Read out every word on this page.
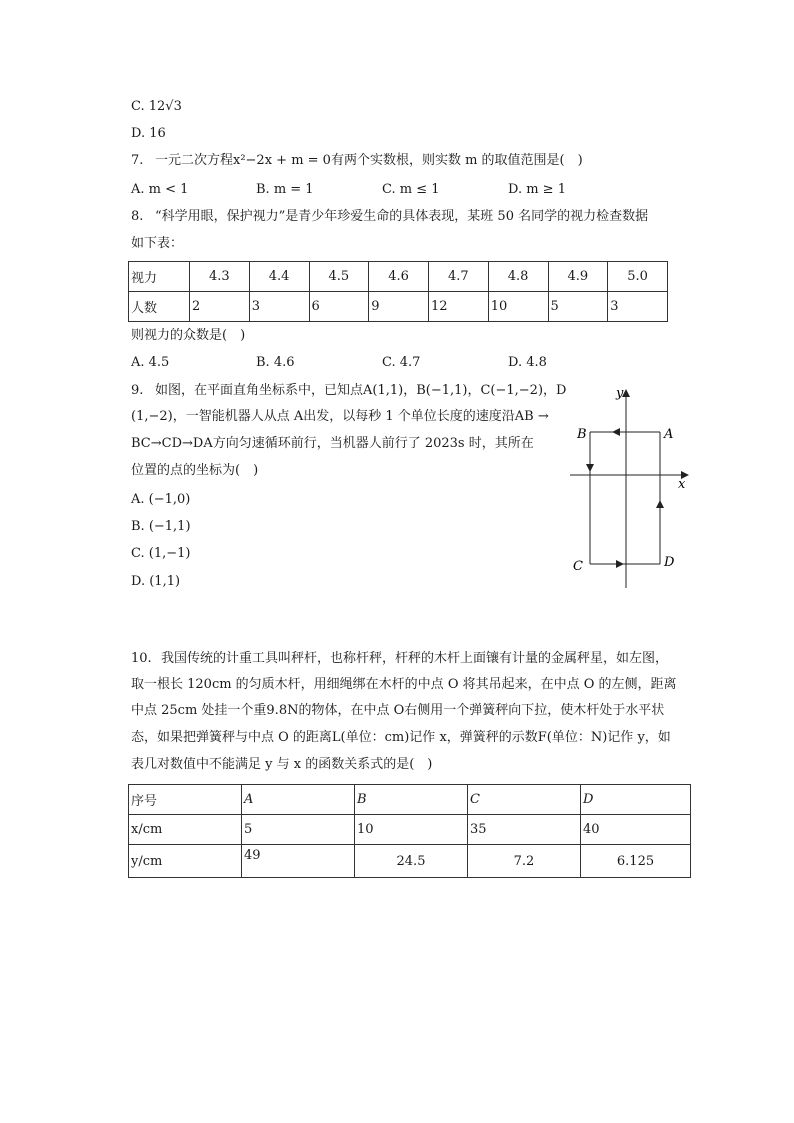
C. 12√3
D. 16
7. 一元二次方程x²−2x + m = 0有两个实数根，则实数 m 的取值范围是(　)
A. m < 1	B. m = 1	C. m ≤ 1	D. m ≥ 1
8. “科学用眼，保护视力”是青少年珍爱生命的具体表现，某班 50 名同学的视力检查数据
如下表：
视力	4.3	4.4	4.5	4.6	4.7	4.8	4.9	5.0
人数	2	3	6	9	12	10	5	3
则视力的众数是(　)
A. 4.5	B. 4.6	C. 4.7	D. 4.8
9. 如图，在平面直角坐标系中，已知点A(1,1)，B(−1,1)，C(−1,−2)，D
(1,−2)，一智能机器人从点 A出发，以每秒 1 个单位长度的速度沿AB →
BC→CD→DA方向匀速循环前行，当机器人前行了 2023s 时，其所在
位置的点的坐标为(　)
A. (−1,0)
B. (−1,1)
C. (1,−1)
D. (1,1)
y
x
A
B
C	D
10. 我国传统的计重工具叫秤杆，也称杆秤，杆秤的木杆上面镶有计量的金属秤星，如左图，
取一根长 120cm 的匀质木杆，用细绳绑在木杆的中点 O 将其吊起来，在中点 O 的左侧，距离
中点 25cm 处挂一个重9.8N的物体，在中点 O右侧用一个弹簧秤向下拉，使木杆处于水平状
态，如果把弹簧秤与中点 O 的距离L(单位：cm)记作 x，弹簧秤的示数F(单位：N)记作 y，如
表几对数值中不能满足 y 与 x 的函数关系式的是(　)
序号	A	B	C	D
x/cm	5	10	35	40
y/cm	49	24.5	7.2	6.125
